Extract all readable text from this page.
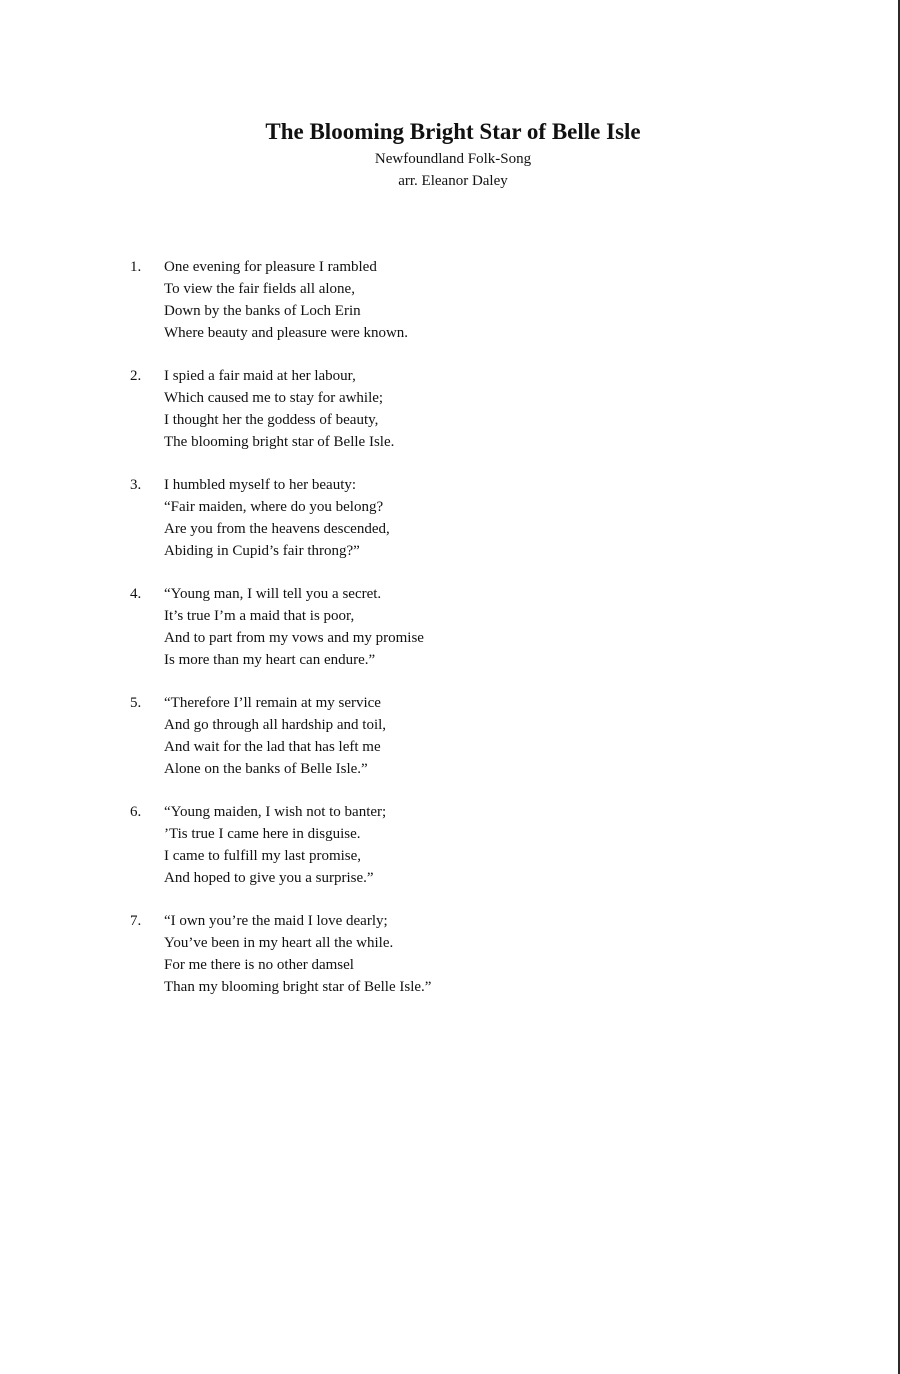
The Blooming Bright Star of Belle Isle

Newfoundland Folk-Song

arr. Eleanor Daley

1. One evening for pleasure I rambled
To view the fair fields all alone,
Down by the banks of Loch Erin
Where beauty and pleasure were known.
2. I spied a fair maid at her labour,
Which caused me to stay for awhile;
I thought her the goddess of beauty,
The blooming bright star of Belle Isle.
3. I humbled myself to her beauty:
“Fair maiden, where do you belong?
Are you from the heavens descended,
Abiding in Cupid’s fair throng?”
4. “Young man, I will tell you a secret.
It’s true I’m a maid that is poor,
And to part from my vows and my promise
Is more than my heart can endure.”
5. “Therefore I’ll remain at my service
And go through all hardship and toil,
And wait for the lad that has left me
Alone on the banks of Belle Isle.”
6. “Young maiden, I wish not to banter;
’Tis true I came here in disguise.
I came to fulfill my last promise,
And hoped to give you a surprise.”
7. “I own you’re the maid I love dearly;
You’ve been in my heart all the while.
For me there is no other damsel
Than my blooming bright star of Belle Isle.”
